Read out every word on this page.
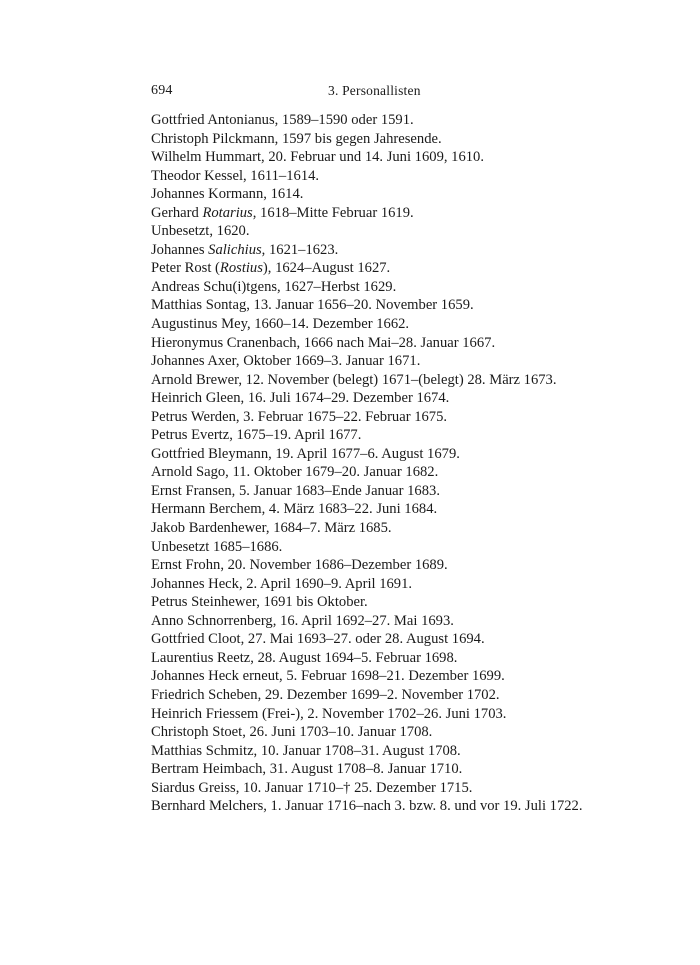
694	3. Personallisten
Gottfried Antonianus, 1589–1590 oder 1591.
Christoph Pilckmann, 1597 bis gegen Jahresende.
Wilhelm Hummart, 20. Februar und 14. Juni 1609, 1610.
Theodor Kessel, 1611–1614.
Johannes Kormann, 1614.
Gerhard Rotarius, 1618–Mitte Februar 1619.
Unbesetzt, 1620.
Johannes Salichius, 1621–1623.
Peter Rost (Rostius), 1624–August 1627.
Andreas Schu(i)tgens, 1627–Herbst 1629.
Matthias Sontag, 13. Januar 1656–20. November 1659.
Augustinus Mey, 1660–14. Dezember 1662.
Hieronymus Cranenbach, 1666 nach Mai–28. Januar 1667.
Johannes Axer, Oktober 1669–3. Januar 1671.
Arnold Brewer, 12. November (belegt) 1671–(belegt) 28. März 1673.
Heinrich Gleen, 16. Juli 1674–29. Dezember 1674.
Petrus Werden, 3. Februar 1675–22. Februar 1675.
Petrus Evertz, 1675–19. April 1677.
Gottfried Bleymann, 19. April 1677–6. August 1679.
Arnold Sago, 11. Oktober 1679–20. Januar 1682.
Ernst Fransen, 5. Januar 1683–Ende Januar 1683.
Hermann Berchem, 4. März 1683–22. Juni 1684.
Jakob Bardenhewer, 1684–7. März 1685.
Unbesetzt 1685–1686.
Ernst Frohn, 20. November 1686–Dezember 1689.
Johannes Heck, 2. April 1690–9. April 1691.
Petrus Steinhewer, 1691 bis Oktober.
Anno Schnorrenberg, 16. April 1692–27. Mai 1693.
Gottfried Cloot, 27. Mai 1693–27. oder 28. August 1694.
Laurentius Reetz, 28. August 1694–5. Februar 1698.
Johannes Heck erneut, 5. Februar 1698–21. Dezember 1699.
Friedrich Scheben, 29. Dezember 1699–2. November 1702.
Heinrich Friessem (Frei-), 2. November 1702–26. Juni 1703.
Christoph Stoet, 26. Juni 1703–10. Januar 1708.
Matthias Schmitz, 10. Januar 1708–31. August 1708.
Bertram Heimbach, 31. August 1708–8. Januar 1710.
Siardus Greiss, 10. Januar 1710–† 25. Dezember 1715.
Bernhard Melchers, 1. Januar 1716–nach 3. bzw. 8. und vor 19. Juli 1722.
